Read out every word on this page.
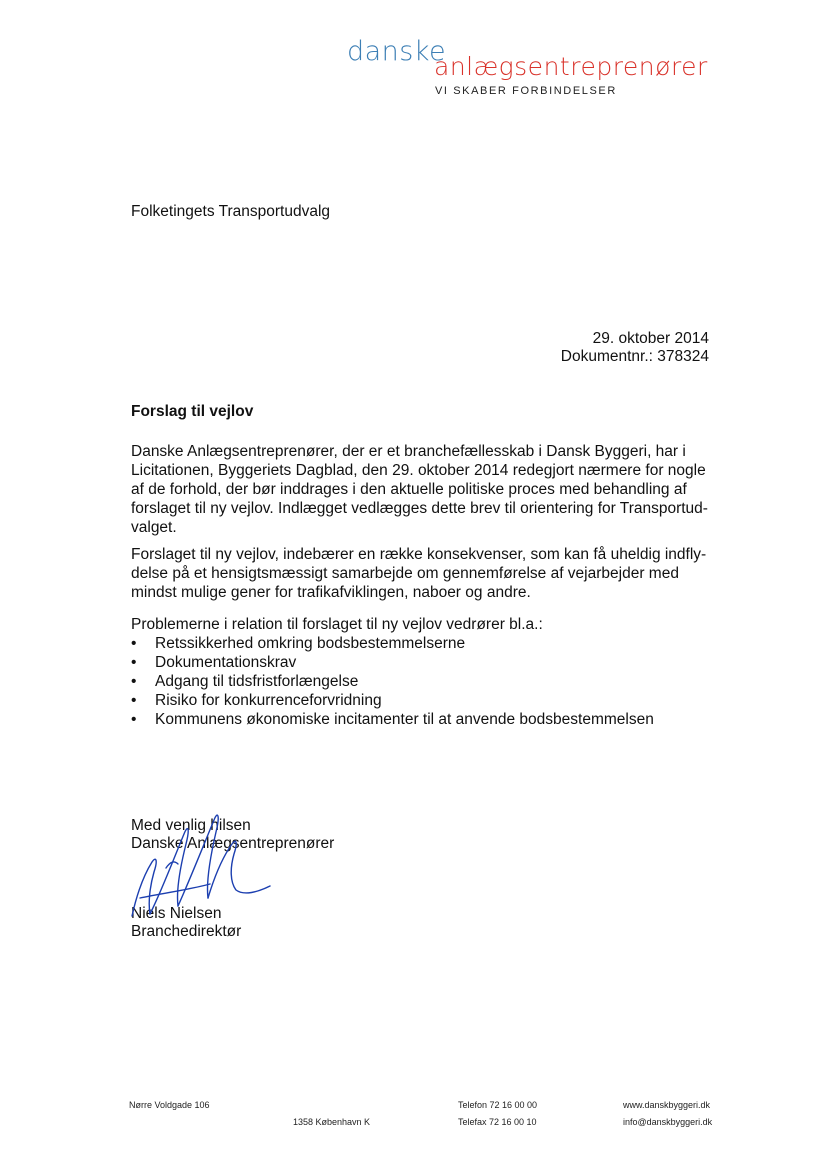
danske
anlægsentreprenører
VI SKABER FORBINDELSER
Folketingets Transportudvalg
29. oktober 2014
Dokumentnr.: 378324
Forslag til vejlov
Danske Anlægsentreprenører, der er et branchefællesskab i Dansk Byggeri, har i Licitationen, Byggeriets Dagblad, den 29. oktober 2014 redegjort nærmere for nogle af de forhold, der bør inddrages i den aktuelle politiske proces med behandling af forslaget til ny vejlov. Indlægget vedlægges dette brev til orientering for Transportud-valget.
Forslaget til ny vejlov, indebærer en række konsekvenser, som kan få uheldig indfly-delse på et hensigtsmæssigt samarbejde om gennemførelse af vejarbejder med mindst mulige gener for trafikafviklingen, naboer og andre.
Problemerne i relation til forslaget til ny vejlov vedrører bl.a.:
• Retssikkerhed omkring bodsbestemmelserne
• Dokumentationskrav
• Adgang til tidsfristforlængelse
• Risiko for konkurrenceforvridning
• Kommunens økonomiske incitamenter til at anvende bodsbestemmelsen
Med venlig hilsen
Danske Anlægsentreprenører
Niels Nielsen
Branchedirektør
Nørre Voldgade 106
1358 København K
Telefon 72 16 00 00
Telefax 72 16 00 10
www.danskbyggeri.dk
info@danskbyggeri.dk
